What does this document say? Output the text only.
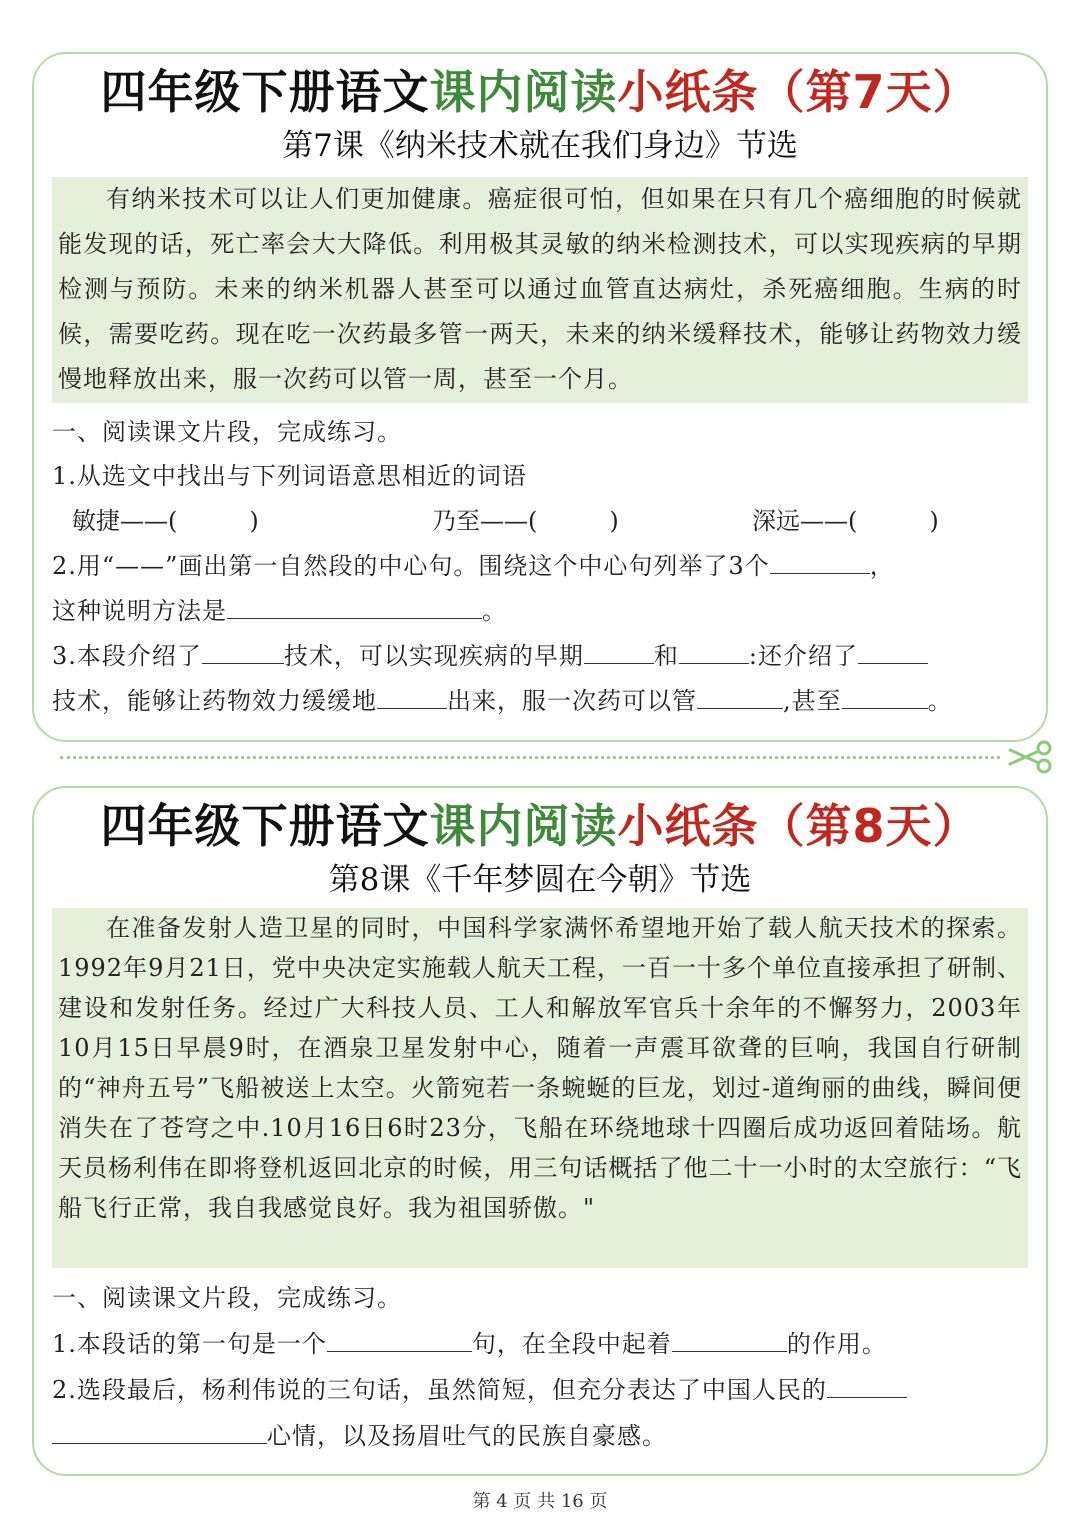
四年级下册语文课内阅读小纸条（第7天）
第7课《纳米技术就在我们身边》节选
有纳米技术可以让人们更加健康。癌症很可怕，但如果在只有几个癌细胞的时候就能发现的话，死亡率会大大降低。利用极其灵敏的纳米检测技术，可以实现疾病的早期检测与预防。未来的纳米机器人甚至可以通过血管直达病灶，杀死癌细胞。生病的时候，需要吃药。现在吃一次药最多管一两天，未来的纳米缓释技术，能够让药物效力缓慢地释放出来，服一次药可以管一周，甚至一个月。
一、阅读课文片段，完成练习。
1.从选文中找出与下列词语意思相近的词语
敏捷——(　　　)	乃至——(　　　)	深远——(　　　)
2.用“——”画出第一自然段的中心句。围绕这个中心句列举了3个	，
这种说明方法是	。
3.本段介绍了	技术，可以实现疾病的早期	和	:还介绍了
技术，能够让药物效力缓缓地	出来，服一次药可以管	,甚至	。
四年级下册语文课内阅读小纸条（第8天）
第8课《千年梦圆在今朝》节选
在准备发射人造卫星的同时，中国科学家满怀希望地开始了载人航天技术的探索。1992年9月21日，党中央决定实施载人航天工程，一百一十多个单位直接承担了研制、建设和发射任务。经过广大科技人员、工人和解放军官兵十余年的不懈努力，2003年10月15日早晨9时，在酒泉卫星发射中心，随着一声震耳欲聋的巨响，我国自行研制的“神舟五号”飞船被送上太空。火箭宛若一条蜿蜒的巨龙，划过-道绚丽的曲线，瞬间便消失在了苍穹之中.10月16日6时23分，飞船在环绕地球十四圈后成功返回着陆场。航天员杨利伟在即将登机返回北京的时候，用三句话概括了他二十一小时的太空旅行：“飞船飞行正常，我自我感觉良好。我为祖国骄傲。"
一、阅读课文片段，完成练习。
1.本段话的第一句是一个	句，在全段中起着	的作用。
2.选段最后，杨利伟说的三句话，虽然简短，但充分表达了中国人民的
心情，以及扬眉吐气的民族自豪感。
第 4 页 共 16 页
